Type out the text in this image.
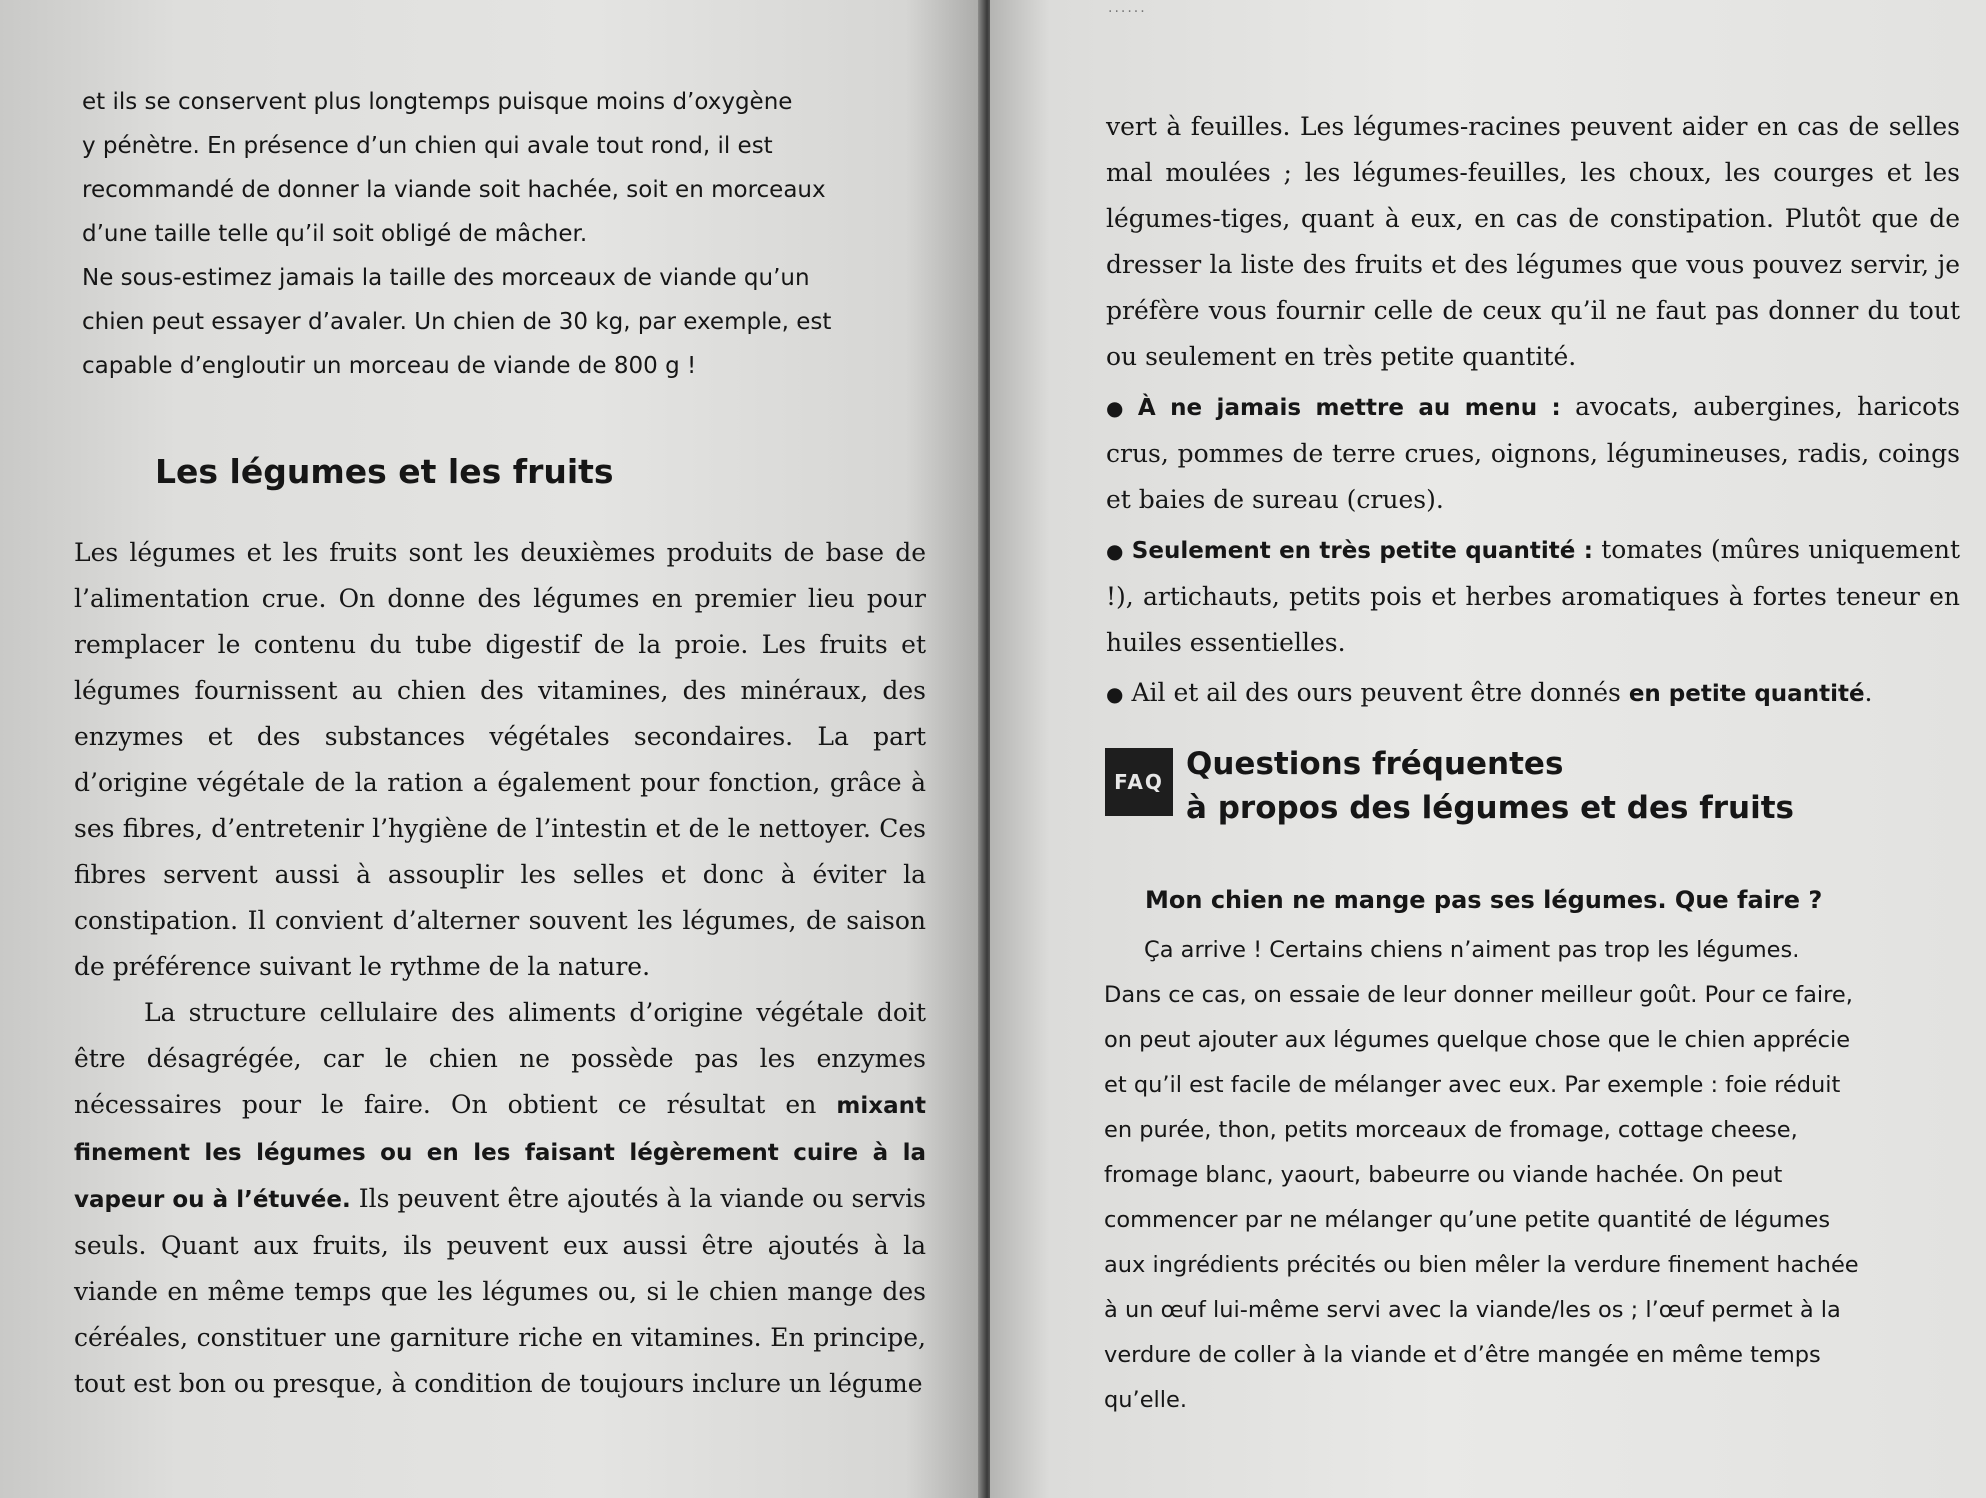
et ils se conservent plus longtemps puisque moins d’oxygène

y pénètre. En présence d’un chien qui avale tout rond, il est

recommandé de donner la viande soit hachée, soit en morceaux

d’une taille telle qu’il soit obligé de mâcher.

Ne sous-estimez jamais la taille des morceaux de viande qu’un

chien peut essayer d’avaler. Un chien de 30 kg, par exemple, est

capable d’engloutir un morceau de viande de 800 g !

Les légumes et les fruits

Les légumes et les fruits sont les deuxièmes produits de base de l’alimentation crue. On donne des légumes en premier lieu pour remplacer le contenu du tube digestif de la proie. Les fruits et légumes fournissent au chien des vitamines, des minéraux, des enzymes et des substances végétales secondaires. La part d’origine végétale de la ration a également pour fonction, grâce à ses fibres, d’entretenir l’hygiène de l’intestin et de le nettoyer. Ces fibres servent aussi à assouplir les selles et donc à éviter la constipation. Il convient d’alterner souvent les légumes, de saison de préférence suivant le rythme de la nature.

La structure cellulaire des aliments d’origine végétale doit être désagrégée, car le chien ne possède pas les enzymes nécessaires pour le faire. On obtient ce résultat en mixant finement les légumes ou en les faisant légèrement cuire à la vapeur ou à l’étuvée. Ils peuvent être ajoutés à la viande ou servis seuls. Quant aux fruits, ils peuvent eux aussi être ajoutés à la viande en même temps que les légumes ou, si le chien mange des céréales, constituer une garniture riche en vitamines. En principe, tout est bon ou presque, à condition de toujours inclure un légume

......

vert à feuilles. Les légumes-racines peuvent aider en cas de selles mal moulées ; les légumes-feuilles, les choux, les courges et les légumes-tiges, quant à eux, en cas de constipation. Plutôt que de dresser la liste des fruits et des légumes que vous pouvez servir, je préfère vous fournir celle de ceux qu’il ne faut pas donner du tout ou seulement en très petite quantité.

● À ne jamais mettre au menu : avocats, aubergines, haricots crus, pommes de terre crues, oignons, légumineuses, radis, coings et baies de sureau (crues).

● Seulement en très petite quantité : tomates (mûres uniquement !), artichauts, petits pois et herbes aromatiques à fortes teneur en huiles essentielles.

● Ail et ail des ours peuvent être donnés en petite quantité.

FAQ Questions fréquentes
à propos des légumes et des fruits

Mon chien ne mange pas ses légumes. Que faire ?

Ça arrive ! Certains chiens n’aiment pas trop les légumes.

Dans ce cas, on essaie de leur donner meilleur goût. Pour ce faire,

on peut ajouter aux légumes quelque chose que le chien apprécie

et qu’il est facile de mélanger avec eux. Par exemple : foie réduit

en purée, thon, petits morceaux de fromage, cottage cheese,

fromage blanc, yaourt, babeurre ou viande hachée. On peut

commencer par ne mélanger qu’une petite quantité de légumes

aux ingrédients précités ou bien mêler la verdure finement hachée

à un œuf lui-même servi avec la viande/les os ; l’œuf permet à la

verdure de coller à la viande et d’être mangée en même temps

qu’elle.
